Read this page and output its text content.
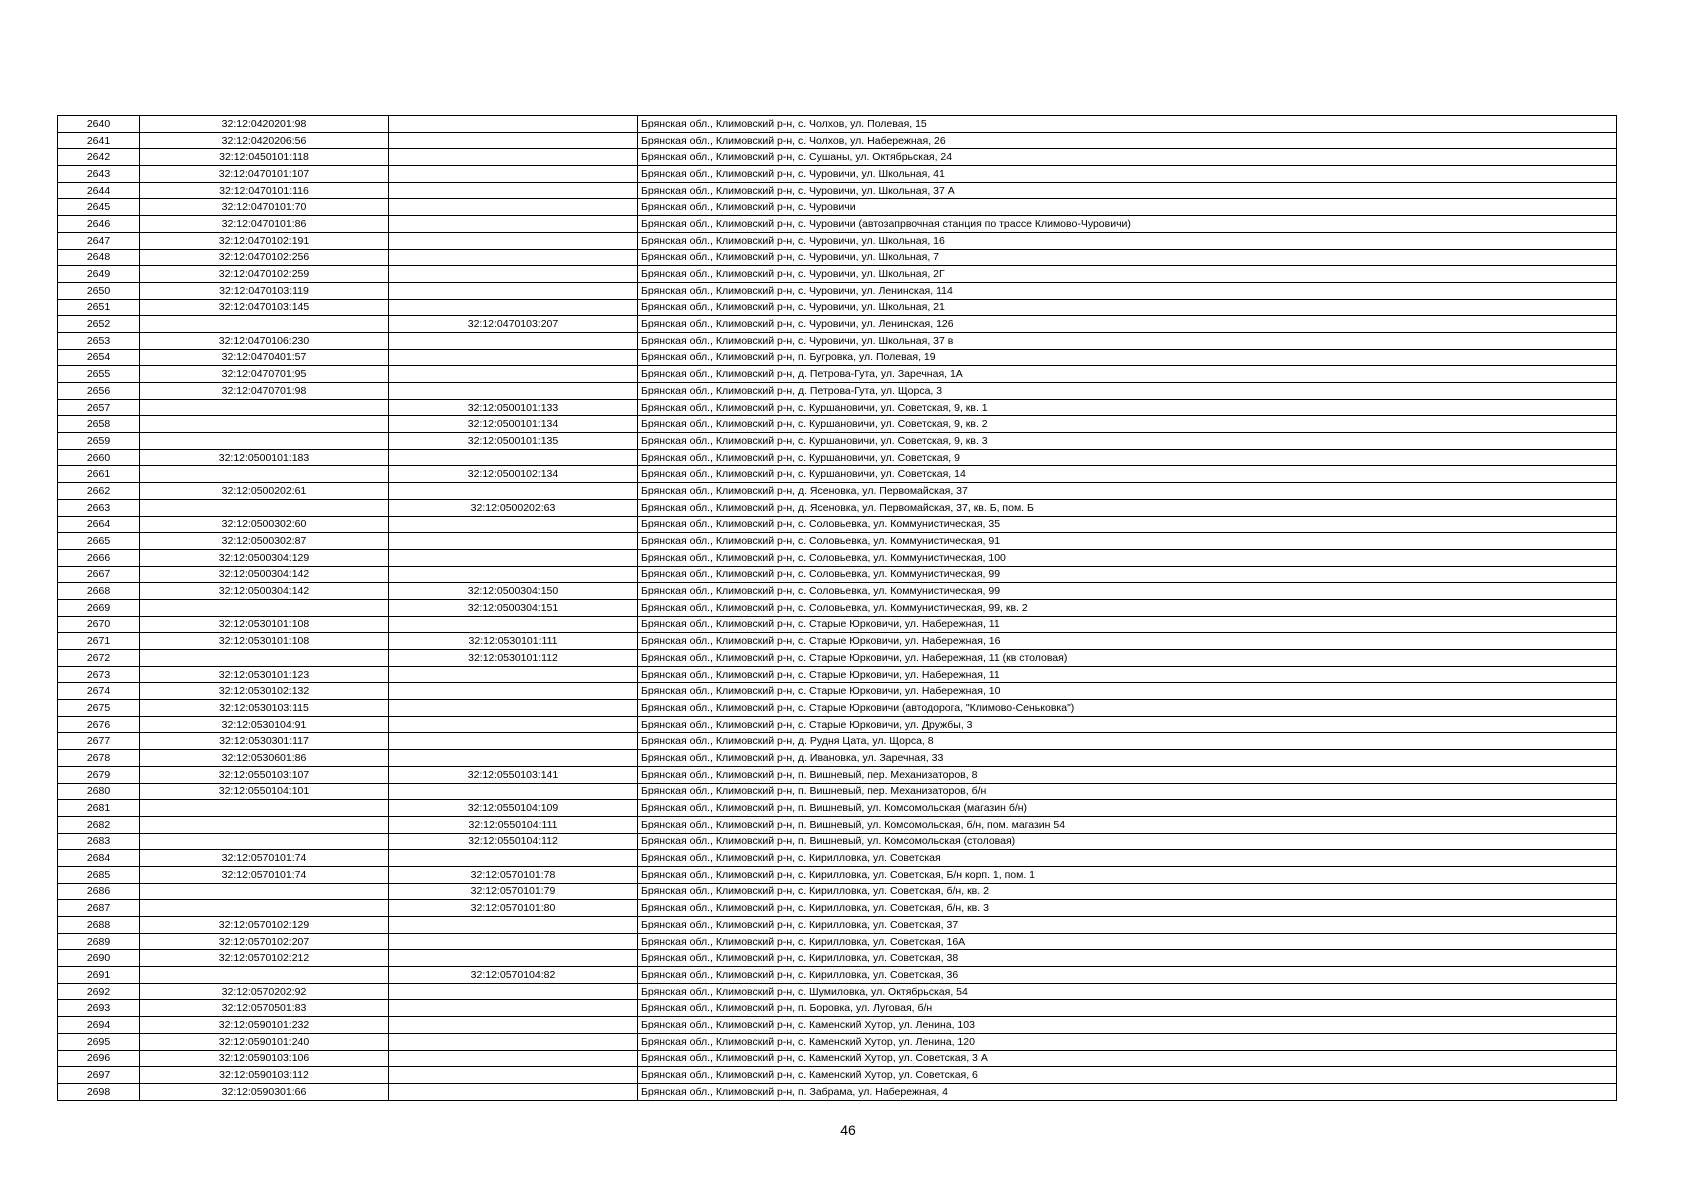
2640	32:12:0420201:98		Брянская обл., Климовский р-н, с. Чолхов, ул. Полевая, 15
2641	32:12:0420206:56		Брянская обл., Климовский р-н, с. Чолхов, ул. Набережная, 26
2642	32:12:0450101:118		Брянская обл., Климовский р-н, с. Сушаны, ул. Октябрьская, 24
2643	32:12:0470101:107		Брянская обл., Климовский р-н, с. Чуровичи, ул. Школьная, 41
2644	32:12:0470101:116		Брянская обл., Климовский р-н, с. Чуровичи, ул. Школьная, 37 А
2645	32:12:0470101:70		Брянская обл., Климовский р-н, с. Чуровичи
2646	32:12:0470101:86		Брянская обл., Климовский р-н, с. Чуровичи (автозапрвочная станция по трассе Климово-Чуровичи)
2647	32:12:0470102:191		Брянская обл., Климовский р-н, с. Чуровичи, ул. Школьная, 16
2648	32:12:0470102:256		Брянская обл., Климовский р-н, с. Чуровичи, ул. Школьная, 7
2649	32:12:0470102:259		Брянская обл., Климовский р-н, с. Чуровичи, ул. Школьная, 2Г
2650	32:12:0470103:119		Брянская обл., Климовский р-н, с. Чуровичи, ул. Ленинская, 114
2651	32:12:0470103:145		Брянская обл., Климовский р-н, с. Чуровичи, ул. Школьная, 21
2652		32:12:0470103:207	Брянская обл., Климовский р-н, с. Чуровичи, ул. Ленинская, 126
2653	32:12:0470106:230		Брянская обл., Климовский р-н, с. Чуровичи, ул. Школьная, 37 в
2654	32:12:0470401:57		Брянская обл., Климовский р-н, п. Бугровка, ул. Полевая, 19
2655	32:12:0470701:95		Брянская обл., Климовский р-н, д. Петрова-Гута, ул. Заречная, 1А
2656	32:12:0470701:98		Брянская обл., Климовский р-н, д. Петрова-Гута, ул. Щорса, 3
2657		32:12:0500101:133	Брянская обл., Климовский р-н, с. Куршановичи, ул. Советская, 9, кв. 1
2658		32:12:0500101:134	Брянская обл., Климовский р-н, с. Куршановичи, ул. Советская, 9, кв. 2
2659		32:12:0500101:135	Брянская обл., Климовский р-н, с. Куршановичи, ул. Советская, 9, кв. 3
2660	32:12:0500101:183		Брянская обл., Климовский р-н, с. Куршановичи, ул. Советская, 9
2661		32:12:0500102:134	Брянская обл., Климовский р-н, с. Куршановичи, ул. Советская, 14
2662	32:12:0500202:61		Брянская обл., Климовский р-н, д. Ясеновка, ул. Первомайская, 37
2663		32:12:0500202:63	Брянская обл., Климовский р-н, д. Ясеновка, ул. Первомайская, 37, кв. Б, пом. Б
2664	32:12:0500302:60		Брянская обл., Климовский р-н, с. Соловьевка, ул. Коммунистическая, 35
2665	32:12:0500302:87		Брянская обл., Климовский р-н, с. Соловьевка, ул. Коммунистическая, 91
2666	32:12:0500304:129		Брянская обл., Климовский р-н, с. Соловьевка, ул. Коммунистическая, 100
2667	32:12:0500304:142		Брянская обл., Климовский р-н, с. Соловьевка, ул. Коммунистическая, 99
2668	32:12:0500304:142	32:12:0500304:150	Брянская обл., Климовский р-н, с. Соловьевка, ул. Коммунистическая, 99
2669		32:12:0500304:151	Брянская обл., Климовский р-н, с. Соловьевка, ул. Коммунистическая, 99, кв. 2
2670	32:12:0530101:108		Брянская обл., Климовский р-н, с. Старые Юрковичи, ул. Набережная, 11
2671	32:12:0530101:108	32:12:0530101:111	Брянская обл., Климовский р-н, с. Старые Юрковичи, ул. Набережная, 16
2672		32:12:0530101:112	Брянская обл., Климовский р-н, с. Старые Юрковичи, ул. Набережная, 11 (кв столовая)
2673	32:12:0530101:123		Брянская обл., Климовский р-н, с. Старые Юрковичи, ул. Набережная, 11
2674	32:12:0530102:132		Брянская обл., Климовский р-н, с. Старые Юрковичи, ул. Набережная, 10
2675	32:12:0530103:115		Брянская обл., Климовский р-н, с. Старые Юрковичи (автодорога, "Климово-Сеньковка")
2676	32:12:0530104:91		Брянская обл., Климовский р-н, с. Старые Юрковичи, ул. Дружбы, 3
2677	32:12:0530301:117		Брянская обл., Климовский р-н, д. Рудня Цата, ул. Щорса, 8
2678	32:12:0530601:86		Брянская обл., Климовский р-н, д. Ивановка, ул. Заречная, 33
2679	32:12:0550103:107	32:12:0550103:141	Брянская обл., Климовский р-н, п. Вишневый, пер. Механизаторов, 8
2680	32:12:0550104:101		Брянская обл., Климовский р-н, п. Вишневый, пер. Механизаторов, б/н
2681		32:12:0550104:109	Брянская обл., Климовский р-н, п. Вишневый, ул. Комсомольская (магазин б/н)
2682		32:12:0550104:111	Брянская обл., Климовский р-н, п. Вишневый, ул. Комсомольская, б/н, пом. магазин 54
2683		32:12:0550104:112	Брянская обл., Климовский р-н, п. Вишневый, ул. Комсомольская (столовая)
2684	32:12:0570101:74		Брянская обл., Климовский р-н, с. Кирилловка, ул. Советская
2685	32:12:0570101:74	32:12:0570101:78	Брянская обл., Климовский р-н, с. Кирилловка, ул. Советская, Б/н корп. 1, пом. 1
2686		32:12:0570101:79	Брянская обл., Климовский р-н, с. Кирилловка, ул. Советская, б/н, кв. 2
2687		32:12:0570101:80	Брянская обл., Климовский р-н, с. Кирилловка, ул. Советская, б/н, кв. 3
2688	32:12:0570102:129		Брянская обл., Климовский р-н, с. Кирилловка, ул. Советская, 37
2689	32:12:0570102:207		Брянская обл., Климовский р-н, с. Кирилловка, ул. Советская, 16А
2690	32:12:0570102:212		Брянская обл., Климовский р-н, с. Кирилловка, ул. Советская, 38
2691		32:12:0570104:82	Брянская обл., Климовский р-н, с. Кирилловка, ул. Советская, 36
2692	32:12:0570202:92		Брянская обл., Климовский р-н, с. Шумиловка, ул. Октябрьская, 54
2693	32:12:0570501:83		Брянская обл., Климовский р-н, п. Боровка, ул. Луговая, б/н
2694	32:12:0590101:232		Брянская обл., Климовский р-н, с. Каменский Хутор, ул. Ленина, 103
2695	32:12:0590101:240		Брянская обл., Климовский р-н, с. Каменский Хутор, ул. Ленина, 120
2696	32:12:0590103:106		Брянская обл., Климовский р-н, с. Каменский Хутор, ул. Советская, 3 А
2697	32:12:0590103:112		Брянская обл., Климовский р-н, с. Каменский Хутор, ул. Советская, 6
2698	32:12:0590301:66		Брянская обл., Климовский р-н, п. Забрама, ул. Набережная, 4
46
